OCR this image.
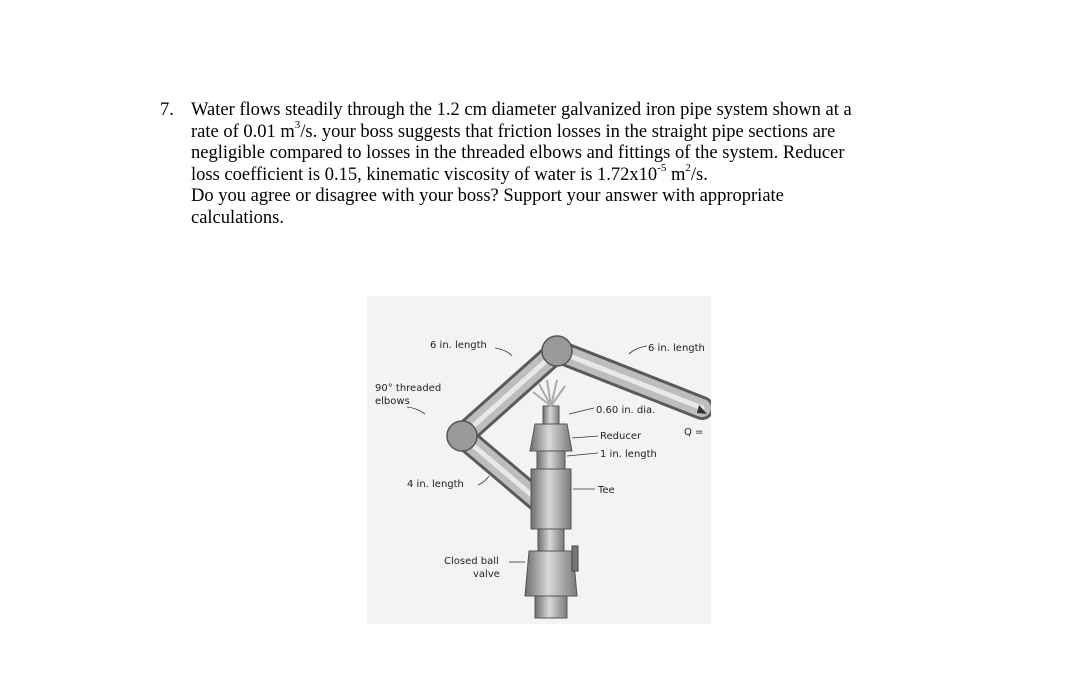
7. Water flows steadily through the 1.2 cm diameter galvanized iron pipe system shown at a

rate of 0.01 $m^3/s$. your boss suggests that friction losses in the straight pipe sections are

negligible compared to losses in the threaded elbows and fittings of the system. Reducer

loss coefficient is 0.15, kinematic viscosity of water is $1.72x10^{-5}$ $m^2/s$.

Do you agree or disagree with your boss? Support your answer with appropriate

calculations.

6 in. length	6 in. length
90° threaded
elbows
0.60 in. dia.
Q =
Reducer
1 in. length
4 in. length
Tee
Closed ball
valve
